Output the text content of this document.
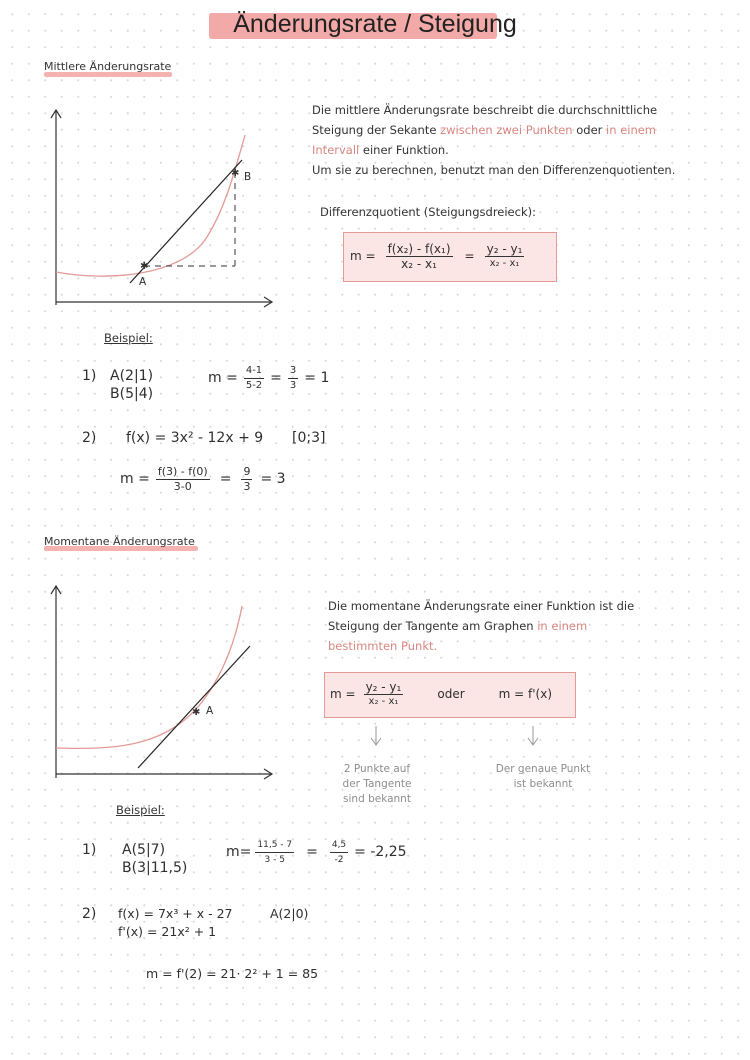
Änderungsrate / Steigung
Mittlere Änderungsrate
✱
✱
A
B
Die mittlere Änderungsrate beschreibt die durchschnittliche
Steigung der Sekante zwischen zwei Punkten oder in einem
Intervall einer Funktion.
Um sie zu berechnen, benutzt man den Differenzenquotienten.
Differenzquotient (Steigungsdreieck):
$m = \frac{\text{f(x₂) - f(x₁)}}{\text{x₂ - x₁}} = \frac{\text{y₂ - y₁}}{\text{x₂ - x₁}}$
Beispiel:
1) A(2|1)
B(5|4)
$m = \frac{4-1}{5-2} = \frac{3}{3} = 1$
2) f(x) = 3x² - 12x + 9 [0;3]
$m = \frac{f(3) - f(0)}{3-0} = \frac{9}{3} = 3$
Momentane Änderungsrate
✱ A
Die momentane Änderungsrate einer Funktion ist die
Steigung der Tangente am Graphen in einem
bestimmten Punkt.
$m = \frac{\text{y₂ - y₁}}{\text{x₂ - x₁}}$	oder	m = f'(x)
2 Punkte auf
der Tangente
sind bekannt
Der genaue Punkt
ist bekannt
Beispiel:
1) A(5|7)
B(3|11,5)
$m= \frac{11,5 - 7}{3 - 5} = \frac{4,5}{-2} = -2,25$
2) f(x) = 7x³ + x - 27	A(2|0)
f'(x) = 21x² + 1
m = f'(2) = 21· 2² + 1 = 85
